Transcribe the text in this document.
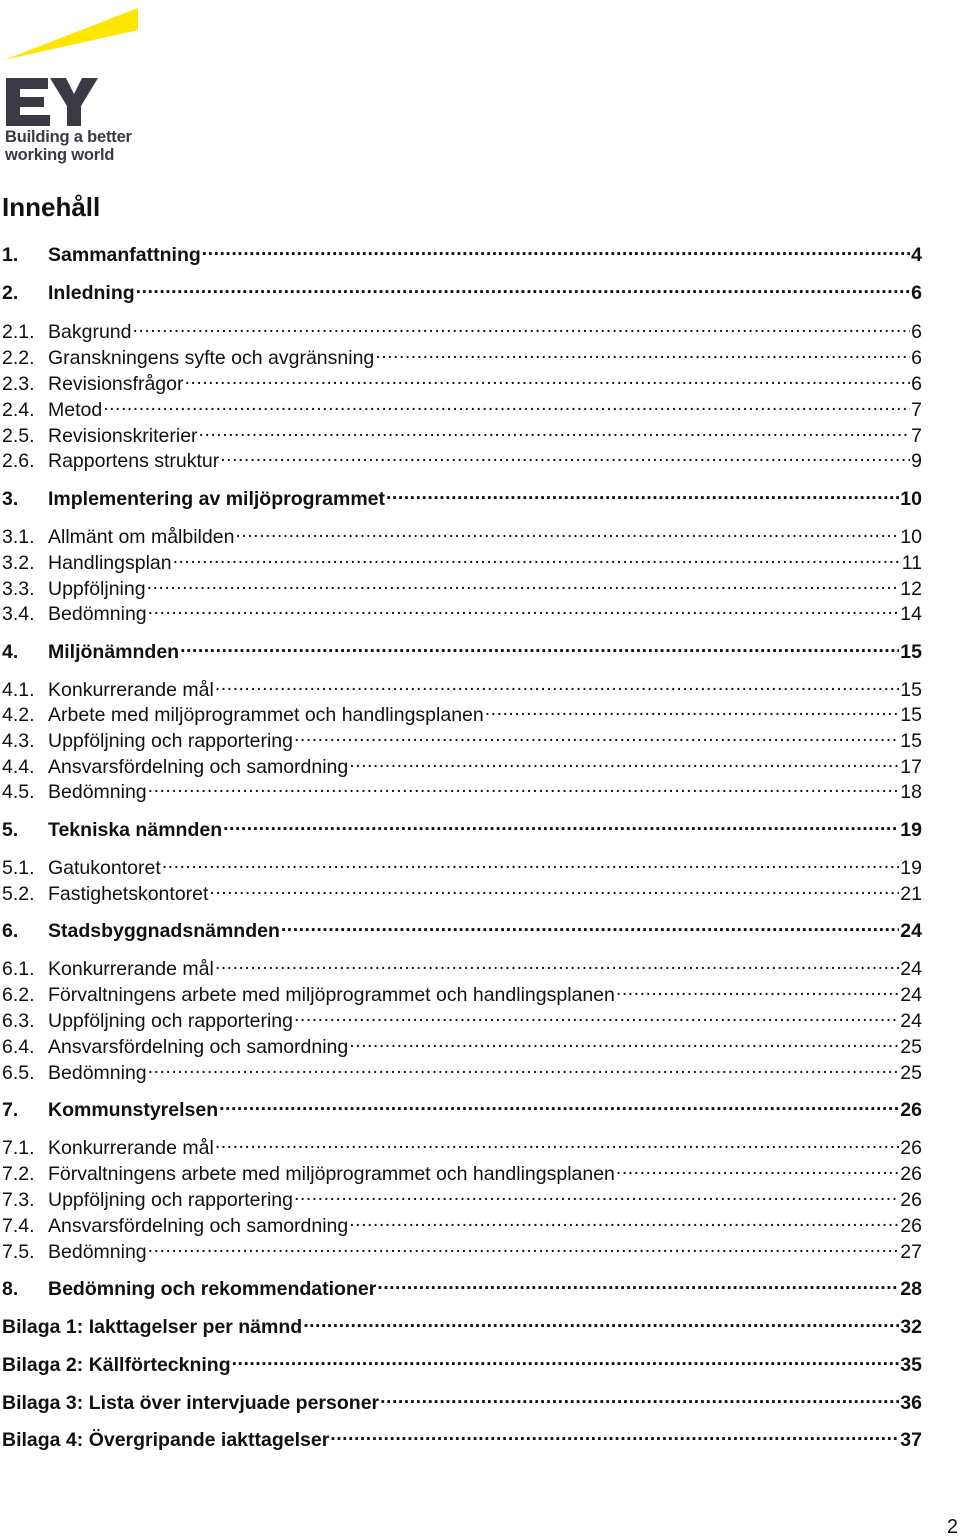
Building a better
working world
Innehåll
1.	Sammanfattning .....	4
2.	Inledning .....	6
2.1. Bakgrund .....	6
2.2. Granskningens syfte och avgränsning .....	6
2.3. Revisionsfrågor .....	6
2.4. Metod .....	7
2.5. Revisionskriterier .....	7
2.6. Rapportens struktur .....	9
3.	Implementering av miljöprogrammet .....	10
3.1. Allmänt om målbilden .....	10
3.2. Handlingsplan .....	11
3.3. Uppföljning .....	12
3.4. Bedömning .....	14
4.	Miljönämnden .....	15
4.1. Konkurrerande mål .....	15
4.2. Arbete med miljöprogrammet och handlingsplanen .....	15
4.3. Uppföljning och rapportering .....	15
4.4. Ansvarsfördelning och samordning .....	17
4.5. Bedömning .....	18
5.	Tekniska nämnden .....	19
5.1. Gatukontoret .....	19
5.2. Fastighetskontoret .....	21
6.	Stadsbyggnadsnämnden .....	24
6.1. Konkurrerande mål .....	24
6.2. Förvaltningens arbete med miljöprogrammet och handlingsplanen .....	24
6.3. Uppföljning och rapportering .....	24
6.4. Ansvarsfördelning och samordning .....	25
6.5. Bedömning .....	25
7.	Kommunstyrelsen .....	26
7.1. Konkurrerande mål .....	26
7.2. Förvaltningens arbete med miljöprogrammet och handlingsplanen .....	26
7.3. Uppföljning och rapportering .....	26
7.4. Ansvarsfördelning och samordning .....	26
7.5. Bedömning .....	27
8.	Bedömning och rekommendationer .....	28
Bilaga 1: Iakttagelser per nämnd .....	32
Bilaga 2: Källförteckning .....	35
Bilaga 3: Lista över intervjuade personer .....	36
Bilaga 4: Övergripande iakttagelser .....	37
2
